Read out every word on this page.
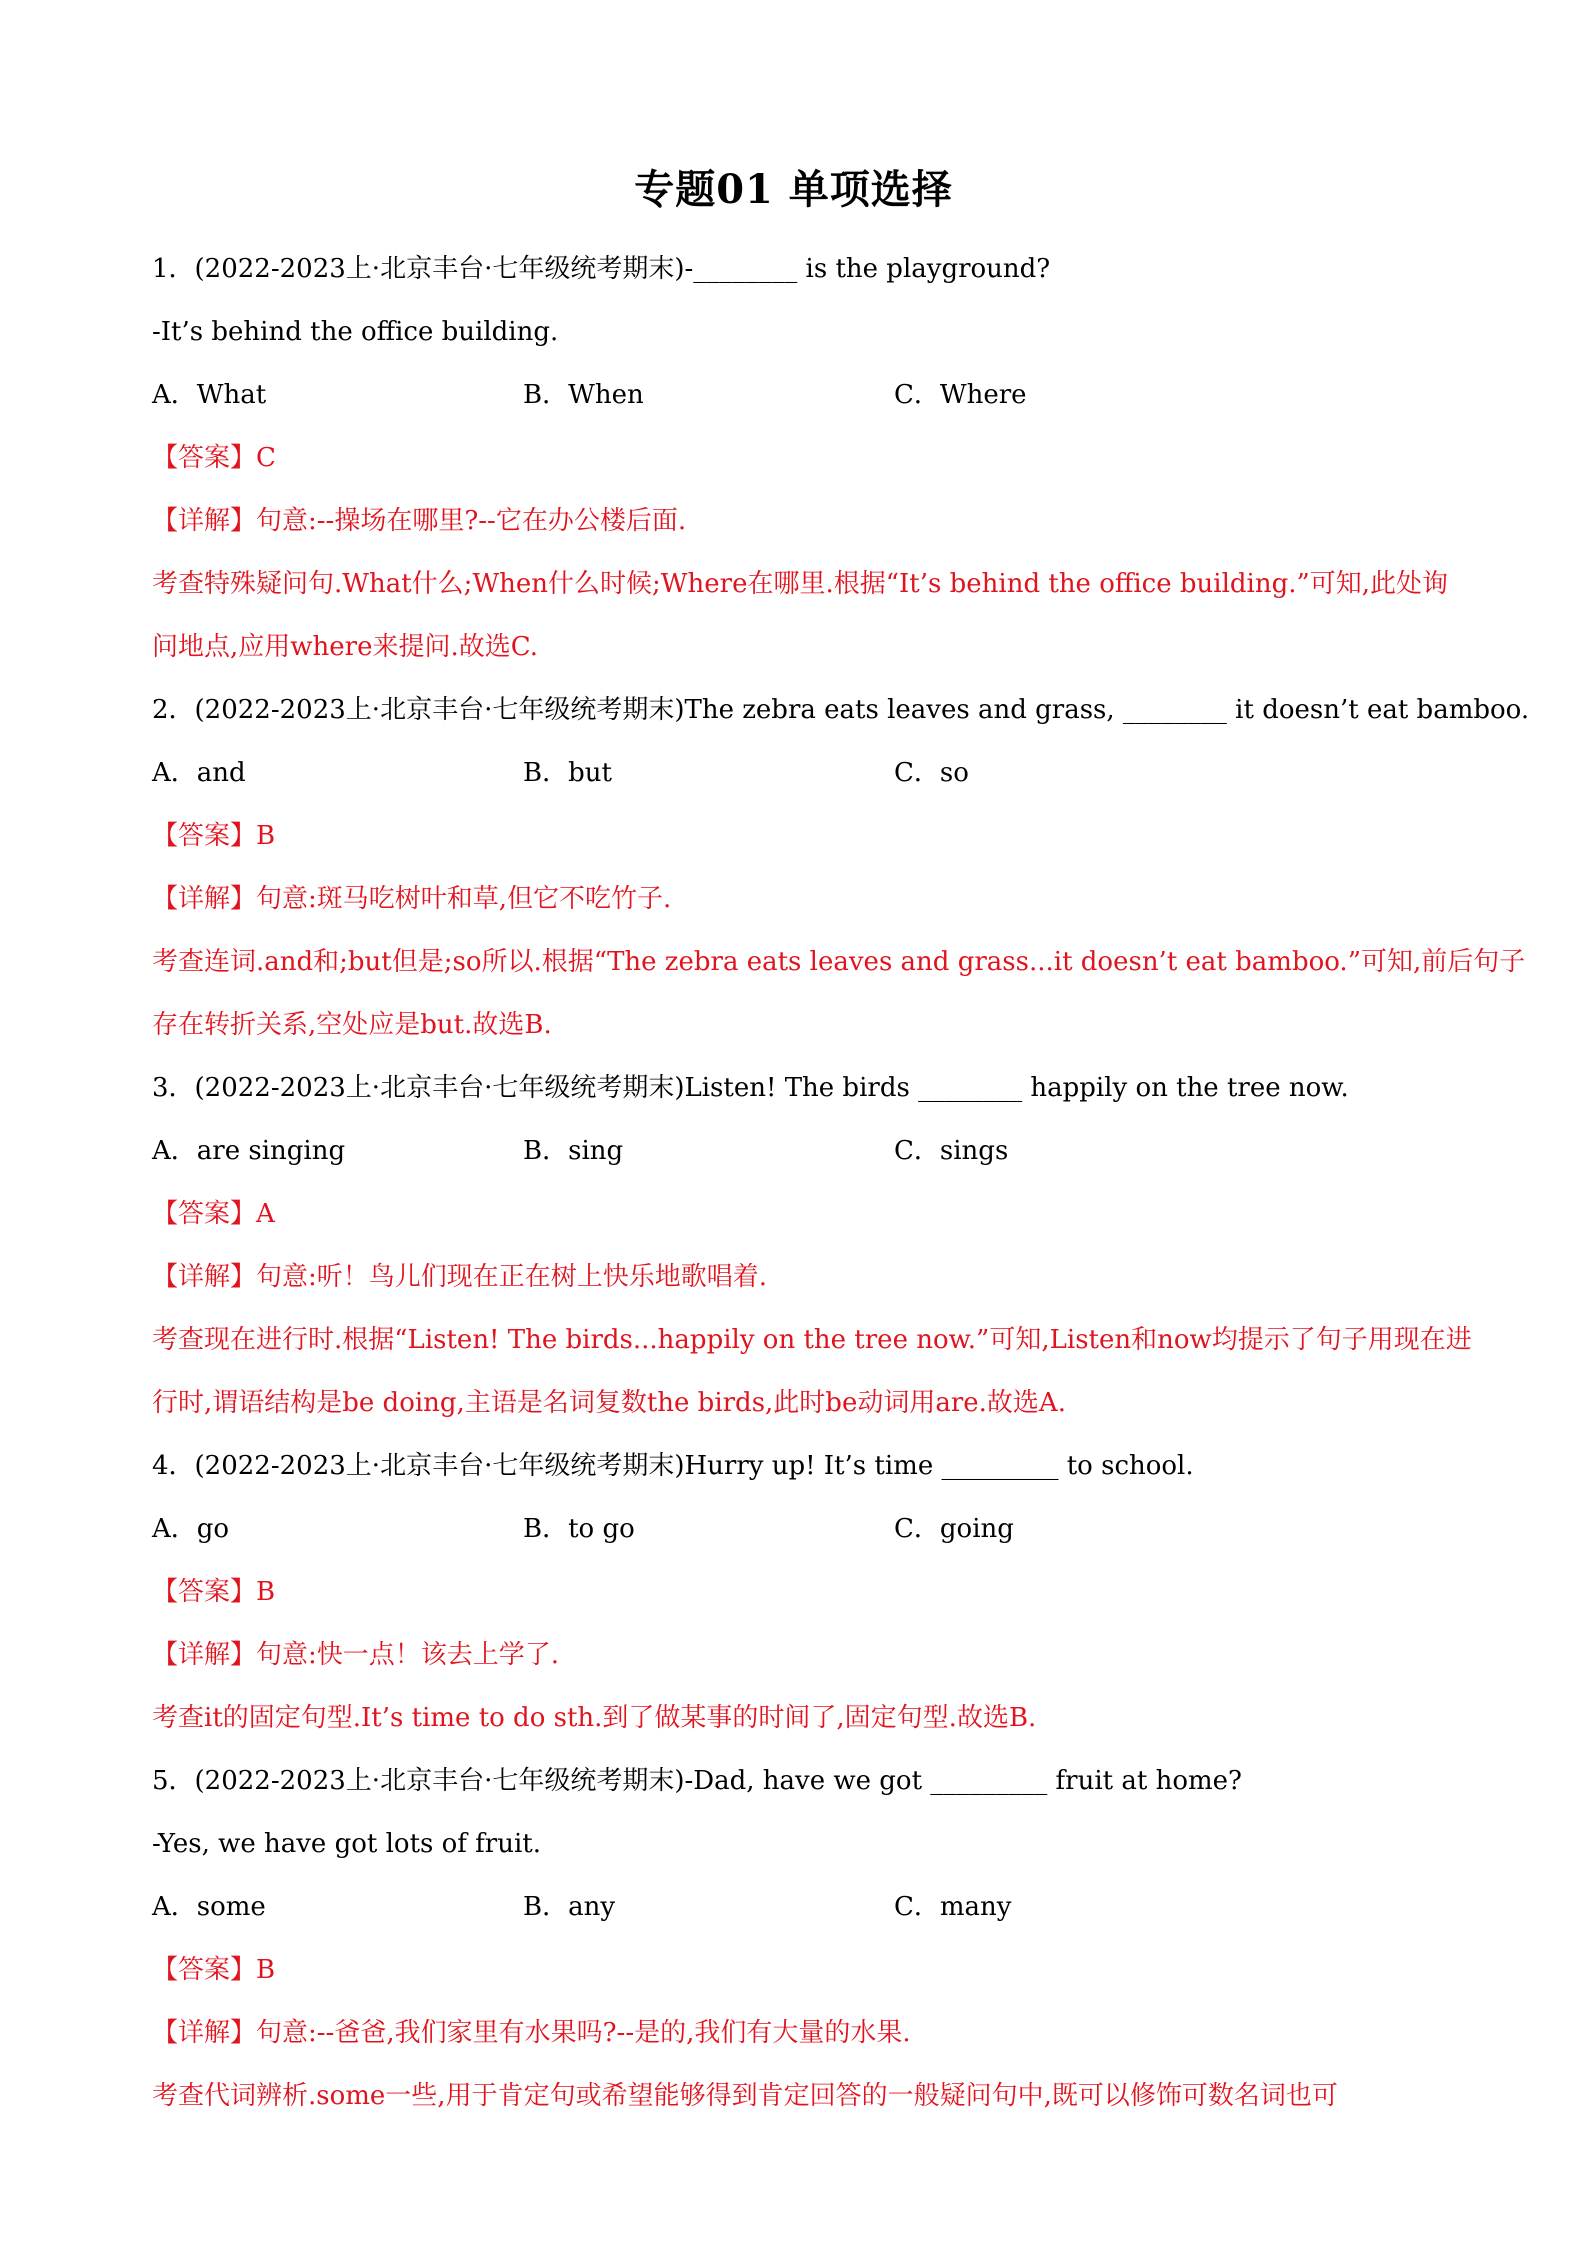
专题01 单项选择
1．(2022-2023上·北京丰台·七年级统考期末)-________ is the playground?
-It’s behind the office building.
A．What	B．When	C．Where
【答案】C
【详解】句意:--操场在哪里?--它在办公楼后面.
考查特殊疑问句.What什么;When什么时候;Where在哪里.根据“It’s behind the office building.”可知,此处询
问地点,应用where来提问.故选C.
2．(2022-2023上·北京丰台·七年级统考期末)The zebra eats leaves and grass, ________ it doesn’t eat bamboo.
A．and	B．but	C．so
【答案】B
【详解】句意:斑马吃树叶和草,但它不吃竹子.
考查连词.and和;but但是;so所以.根据“The zebra eats leaves and grass...it doesn’t eat bamboo.”可知,前后句子
存在转折关系,空处应是but.故选B.
3．(2022-2023上·北京丰台·七年级统考期末)Listen! The birds ________ happily on the tree now.
A．are singing	B．sing	C．sings
【答案】A
【详解】句意:听！鸟儿们现在正在树上快乐地歌唱着.
考查现在进行时.根据“Listen! The birds...happily on the tree now.”可知,Listen和now均提示了句子用现在进
行时,谓语结构是be doing,主语是名词复数the birds,此时be动词用are.故选A.
4．(2022-2023上·北京丰台·七年级统考期末)Hurry up! It’s time _________ to school.
A．go	B．to go	C．going
【答案】B
【详解】句意:快一点！该去上学了.
考查it的固定句型.It’s time to do sth.到了做某事的时间了,固定句型.故选B.
5．(2022-2023上·北京丰台·七年级统考期末)-Dad, have we got _________ fruit at home?
-Yes, we have got lots of fruit.
A．some	B．any	C．many
【答案】B
【详解】句意:--爸爸,我们家里有水果吗?--是的,我们有大量的水果.
考查代词辨析.some一些,用于肯定句或希望能够得到肯定回答的一般疑问句中,既可以修饰可数名词也可
